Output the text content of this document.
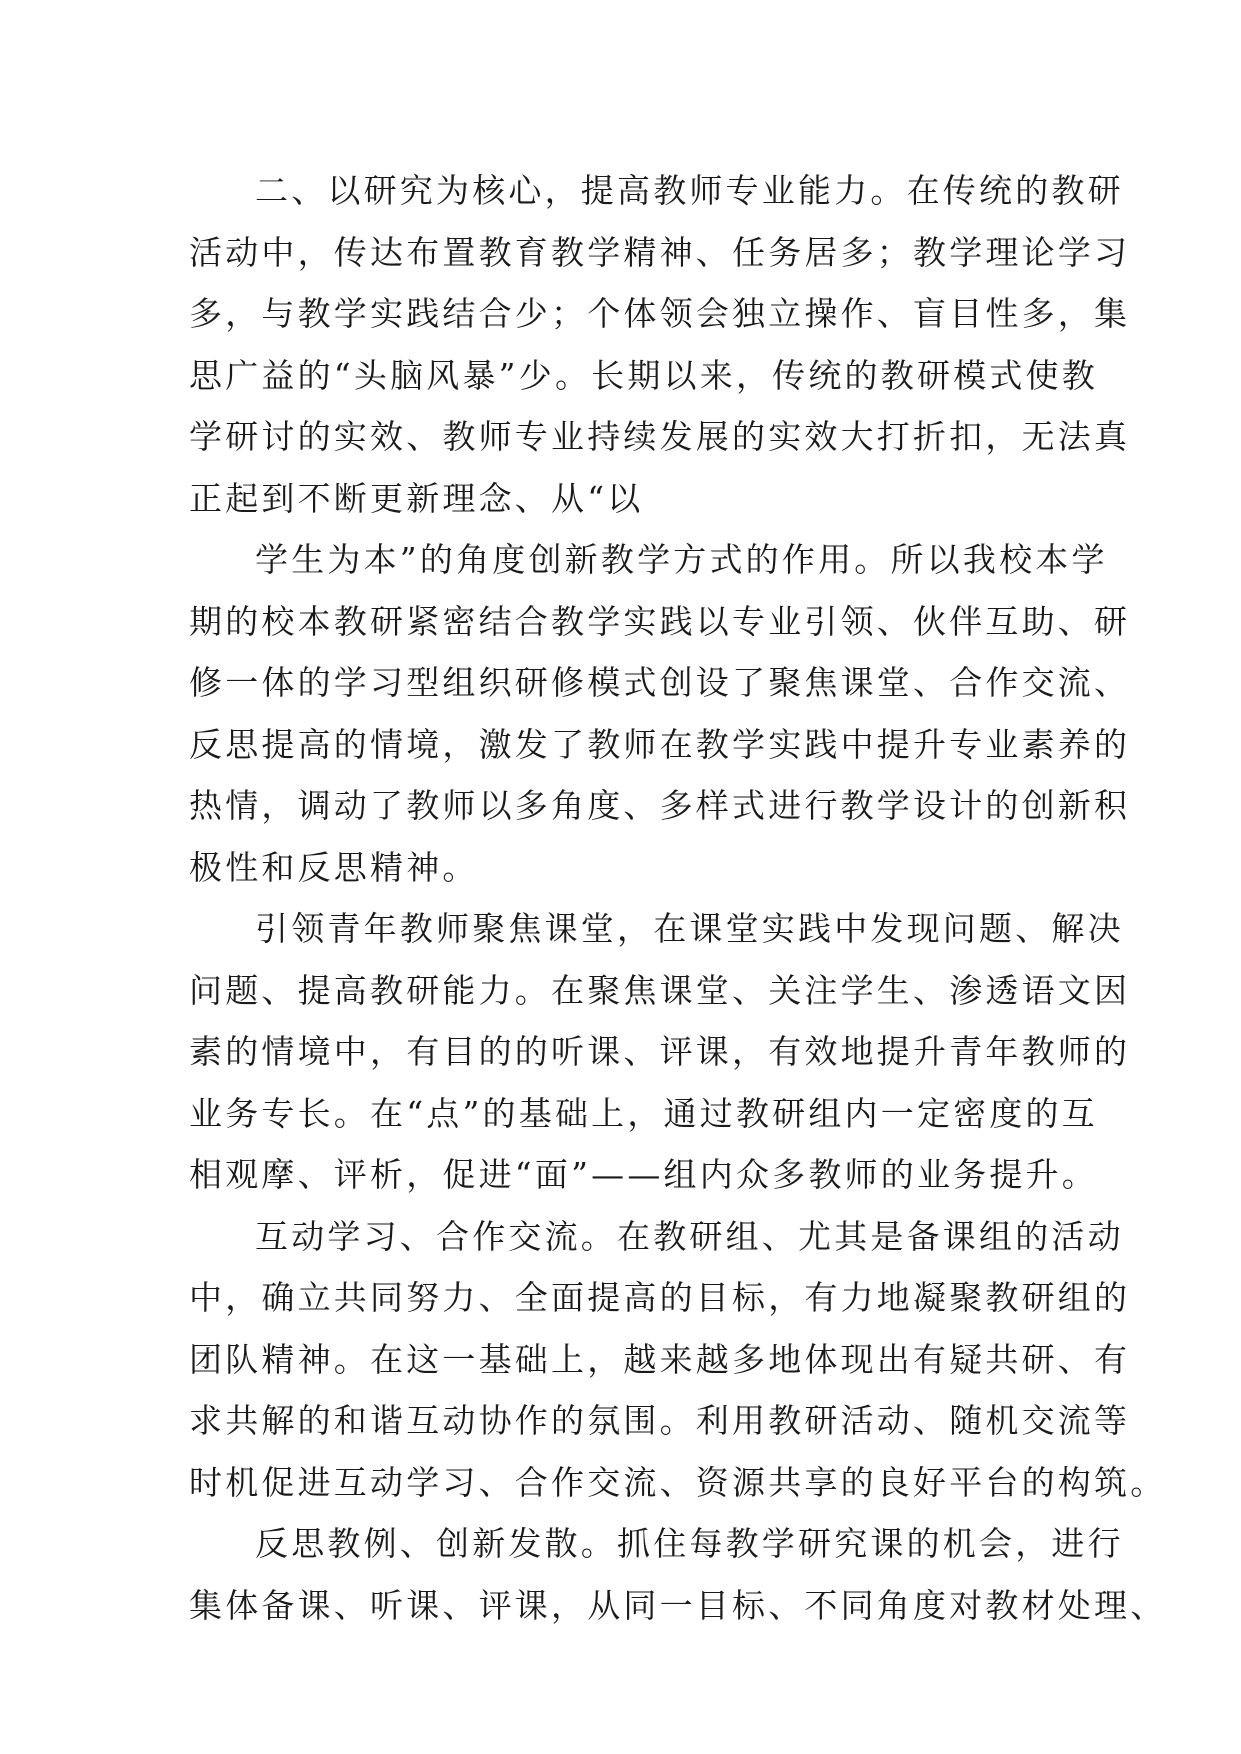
二、以研究为核心，提高教师专业能力。在传统的教研
活动中，传达布置教育教学精神、任务居多；教学理论学习
多，与教学实践结合少；个体领会独立操作、盲目性多，集
思广益的“头脑风暴”少。长期以来，传统的教研模式使教
学研讨的实效、教师专业持续发展的实效大打折扣，无法真
正起到不断更新理念、从“以
学生为本”的角度创新教学方式的作用。所以我校本学
期的校本教研紧密结合教学实践以专业引领、伙伴互助、研
修一体的学习型组织研修模式创设了聚焦课堂、合作交流、
反思提高的情境，激发了教师在教学实践中提升专业素养的
热情，调动了教师以多角度、多样式进行教学设计的创新积
极性和反思精神。
引领青年教师聚焦课堂，在课堂实践中发现问题、解决
问题、提高教研能力。在聚焦课堂、关注学生、渗透语文因
素的情境中，有目的的听课、评课，有效地提升青年教师的
业务专长。在“点”的基础上，通过教研组内一定密度的互
相观摩、评析，促进“面”——组内众多教师的业务提升。
互动学习、合作交流。在教研组、尤其是备课组的活动
中，确立共同努力、全面提高的目标，有力地凝聚教研组的
团队精神。在这一基础上，越来越多地体现出有疑共研、有
求共解的和谐互动协作的氛围。利用教研活动、随机交流等
时机促进互动学习、合作交流、资源共享的良好平台的构筑。
反思教例、创新发散。抓住每教学研究课的机会，进行
集体备课、听课、评课，从同一目标、不同角度对教材处理、
